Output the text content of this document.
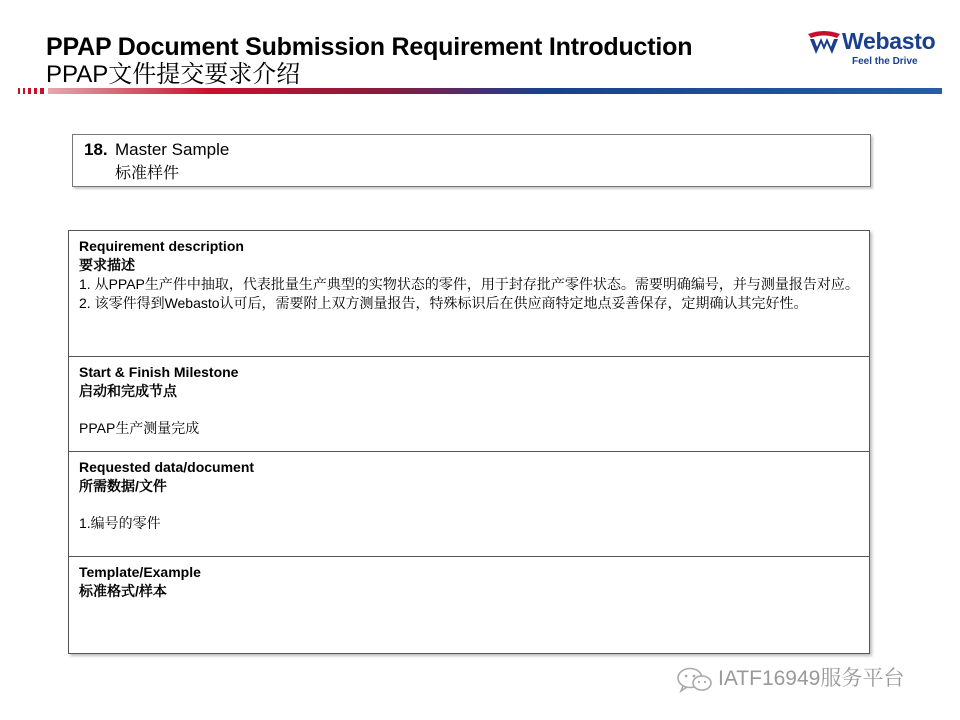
PPAP Document Submission Requirement Introduction
PPAP文件提交要求介绍
Webasto
Feel the Drive
18. Master Sample
标准样件
Requirement description
要求描述
1. 从PPAP生产件中抽取，代表批量生产典型的实物状态的零件，用于封存批产零件状态。需要明确编号，并与测量报告对应。
2. 该零件得到Webasto认可后，需要附上双方测量报告，特殊标识后在供应商特定地点妥善保存，定期确认其完好性。
Start & Finish Milestone
启动和完成节点
PPAP生产测量完成
Requested data/document
所需数据/文件
1.编号的零件
Template/Example
标准格式/样本
IATF16949服务平台
